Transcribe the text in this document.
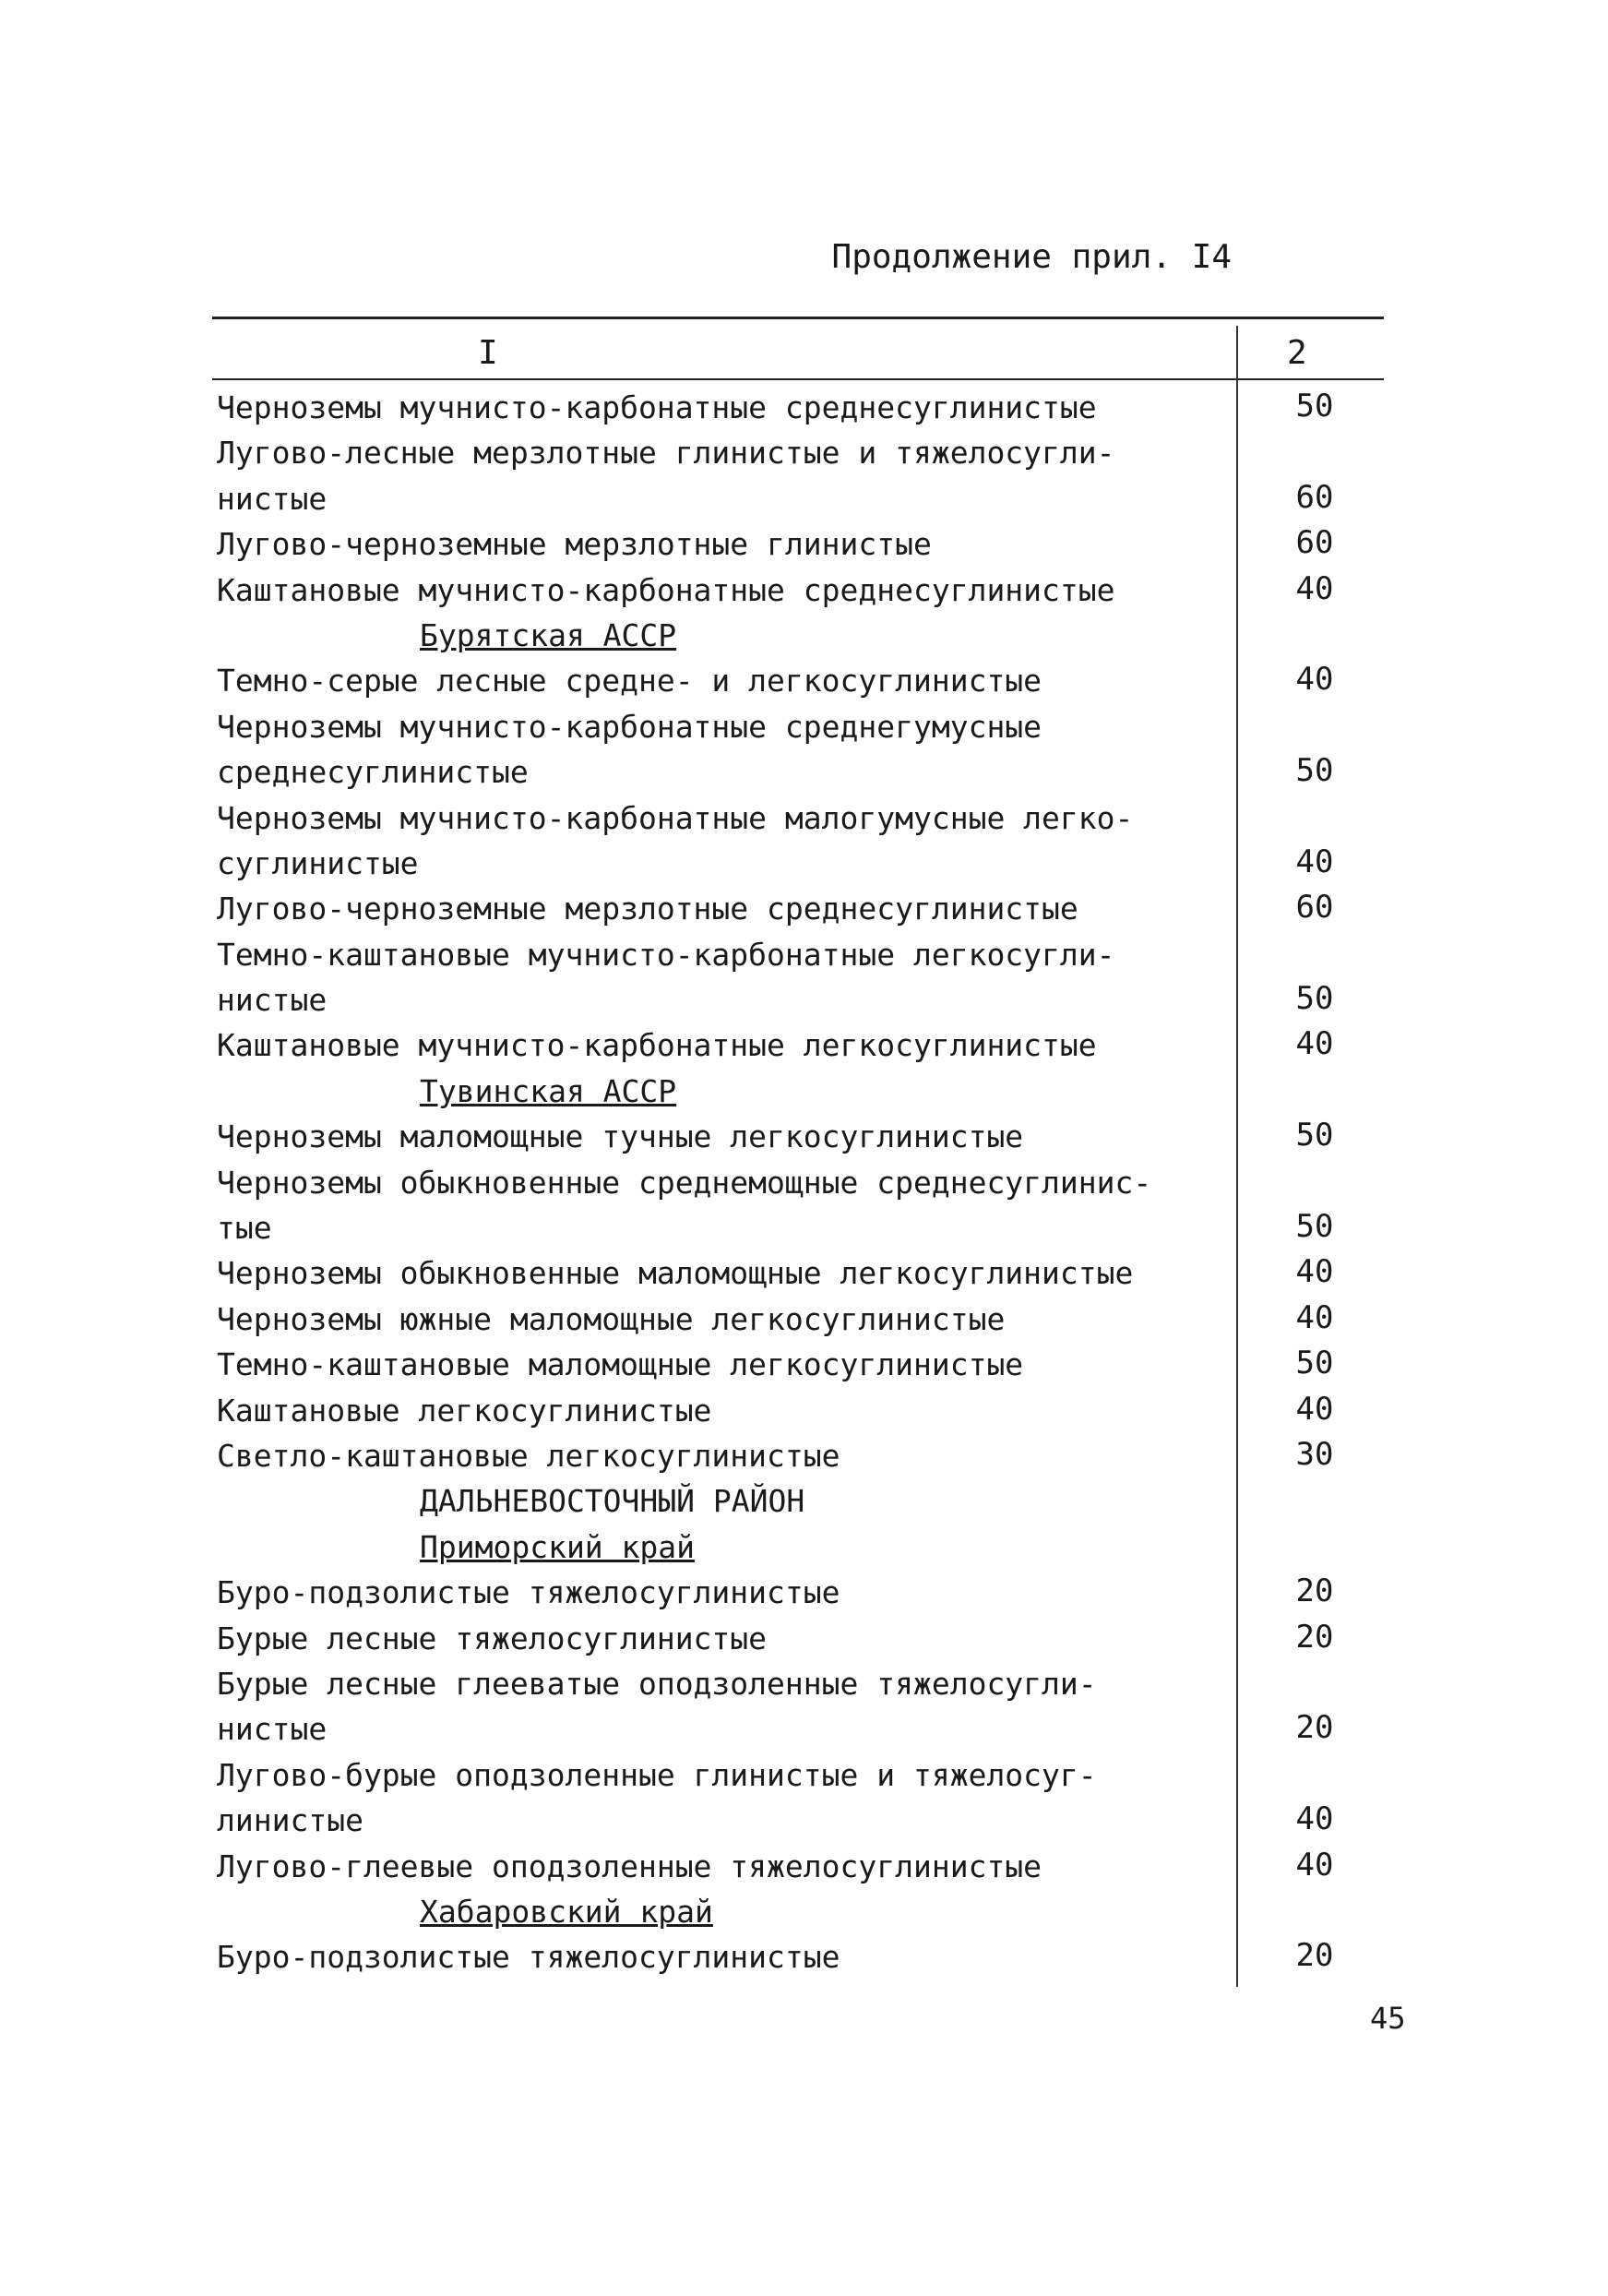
Продолжение прил. I4
I	2
Черноземы мучнисто-карбонатные среднесуглинистые	50
Лугово-лесные мерзлотные глинистые и тяжелосугли-
нистые	60
Лугово-черноземные мерзлотные глинистые	60
Каштановые мучнисто-карбонатные среднесуглинистые	40
Бурятская АССР
Темно-серые лесные средне- и легкосуглинистые	40
Черноземы мучнисто-карбонатные среднегумусные
среднесуглинистые	50
Черноземы мучнисто-карбонатные малогумусные легко-
суглинистые	40
Лугово-черноземные мерзлотные среднесуглинистые	60
Темно-каштановые мучнисто-карбонатные легкосугли-
нистые	50
Каштановые мучнисто-карбонатные легкосуглинистые	40
Тувинская АССР
Черноземы маломощные тучные легкосуглинистые	50
Черноземы обыкновенные среднемощные среднесуглинис-
тые	50
Черноземы обыкновенные маломощные легкосуглинистые	40
Черноземы южные маломощные легкосуглинистые	40
Темно-каштановые маломощные легкосуглинистые	50
Каштановые легкосуглинистые	40
Светло-каштановые легкосуглинистые	30
ДАЛЬНЕВОСТОЧНЫЙ РАЙОН
Приморский край
Буро-подзолистые тяжелосуглинистые	20
Бурые лесные тяжелосуглинистые	20
Бурые лесные глееватые оподзоленные тяжелосугли-
нистые	20
Лугово-бурые оподзоленные глинистые и тяжелосуг-
линистые	40
Лугово-глеевые оподзоленные тяжелосуглинистые	40
Хабаровский край
Буро-подзолистые тяжелосуглинистые	20
45
